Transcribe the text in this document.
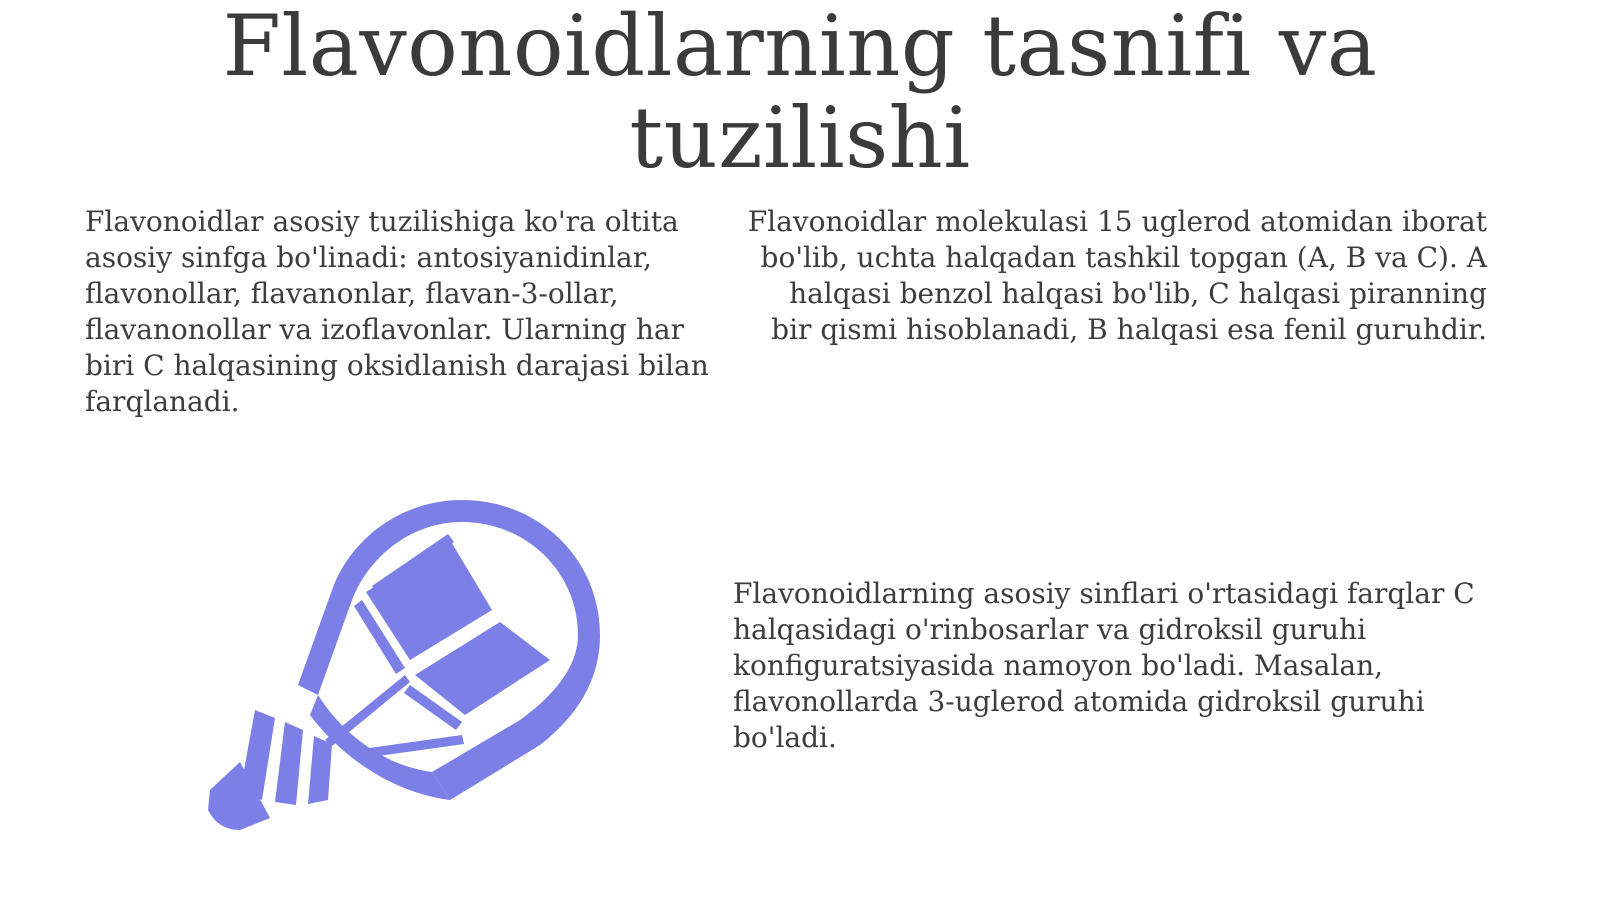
Flavonoidlarning tasnifi va tuzilishi

Flavonoidlar asosiy tuzilishiga ko'ra oltita asosiy sinfga bo'linadi: antosiyanidinlar, flavonollar, flavanonlar, flavan-3-ollar, flavanonollar va izoflavonlar. Ularning har biri C halqasining oksidlanish darajasi bilan farqlanadi.

Flavonoidlar molekulasi 15 uglerod atomidan iborat bo'lib, uchta halqadan tashkil topgan (A, B va C). A halqasi benzol halqasi bo'lib, C halqasi piranning bir qismi hisoblanadi, B halqasi esa fenil guruhdir.

Flavonoidlarning asosiy sinflari o'rtasidagi farqlar C halqasidagi o'rinbosarlar va gidroksil guruhi konfiguratsiyasida namoyon bo'ladi. Masalan, flavonollarda 3-uglerod atomida gidroksil guruhi bo'ladi.
